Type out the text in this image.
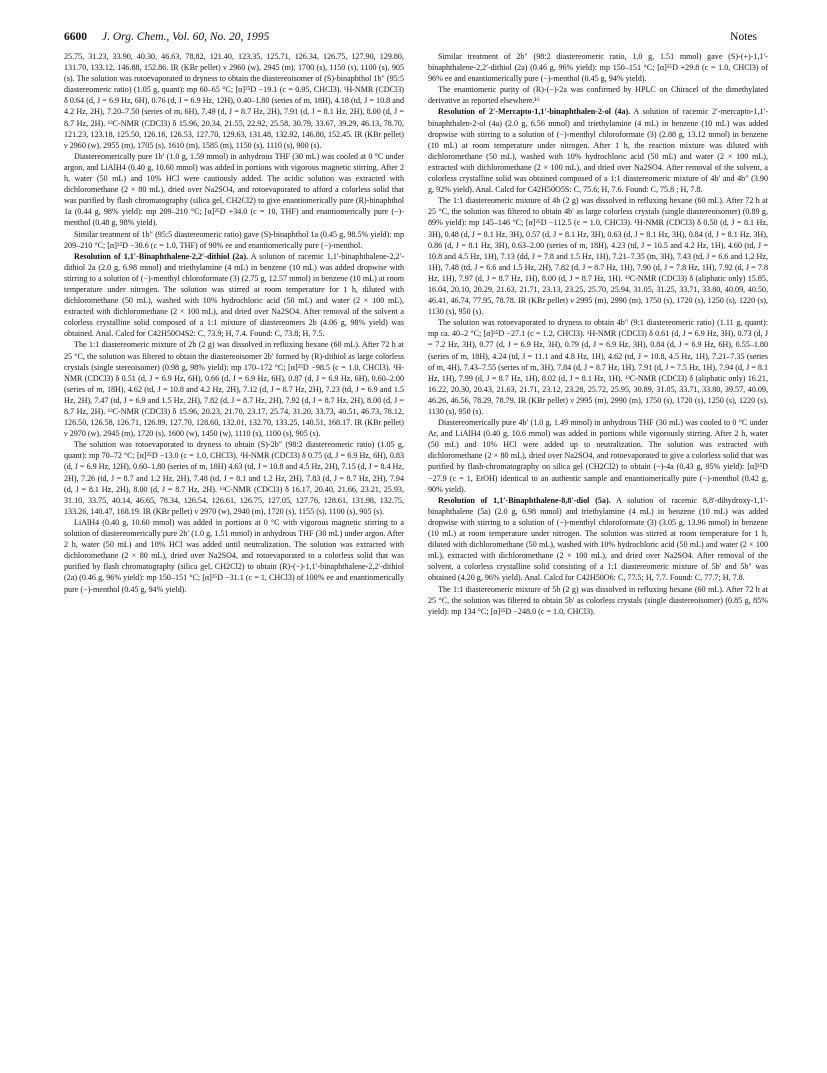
6600 J. Org. Chem., Vol. 60, No. 20, 1995	Notes

25.75, 31.23, 33.90, 40.30, 46.63, 78.82, 121.40, 123.35, 125.71, 126.34, 126.75, 127.90, 129.80, 131.70, 133.12, 146.88, 152.86. IR (KBr pellet) ν 2960 (w), 2945 (m), 1700 (s), 1150 (s), 1100 (s), 905 (s). The solution was rotoevaporated to dryness to obtain the diastereoisomer of (S)-binaphthol 1b″ (95:5 diastereomeric ratio) (1.05 g, quant): mp 60–65 °C; [α]²⁵D −19.1 (c = 0.95, CHCl3). ¹H-NMR (CDCl3) δ 0.64 (d, J = 6.9 Hz, 6H), 0.76 (d, J = 6.9 Hz, 12H), 0.40–1.80 (series of m, 18H), 4.18 (td, J = 10.8 and 4.2 Hz, 2H), 7.20–7.50 (series of m, 6H), 7.49 (d, J = 8.7 Hz, 2H), 7.91 (d, J = 8.1 Hz, 2H), 8.00 (d, J = 8.7 Hz, 2H). ¹³C-NMR (CDCl3) δ 15.96, 20.34, 21.55, 22.92, 25.58, 30.79, 33.67, 39.29, 46.13, 78.70, 121.23, 123.18, 125.50, 126.16, 126.53, 127.70, 129.63, 131.48, 132.92, 146.80, 152.45. IR (KBr pellet) ν 2960 (w), 2955 (m), 1705 (s), 1610 (m), 1585 (m), 1150 (s), 1110 (s), 900 (s).

Diastereomerically pure 1b′ (1.0 g, 1.59 mmol) in anhydrous THF (30 mL) was cooled at 0 °C under argon, and LiAlH4 (0.40 g, 10.60 mmol) was added in portions with vigorous magnetic stirring. After 2 h, water (50 mL) and 10% HCl were cautiously added. The acidic solution was extracted with dichloromethane (2 × 80 mL), dried over Na2SO4, and rotoevaporated to afford a colorless solid that was purified by flash chromatography (silica gel, CH2Cl2) to give enantiomerically pure (R)-binaphthol 1a (0.44 g, 98% yield): mp 209–210 °C; [α]²⁵D +34.0 (c = 10, THF) and enantiomerically pure (−)-menthol (0.48 g, 98% yield).

Similar treatment of 1b″ (95:5 diastereomeric ratio) gave (S)-binaphthol 1a (0.45 g, 98.5% yield): mp 209–210 °C; [α]²⁵D −30.6 (c = 1.0, THF) of 90% ee and enantiomerically pure (−)-menthol.

Resolution of 1,1′-Binaphthalene-2,2′-dithiol (2a). A solution of racemic 1,1′-binaphthalene-2,2′-dithiol 2a (2.0 g, 6.98 mmol) and triethylamine (4 mL) in benzene (10 mL) was added dropwise with stirring to a solution of (−)-menthyl chloroformate (3) (2.75 g, 12.57 mmol) in benzene (10 mL) at room temperature under nitrogen. The solution was stirred at room temperature for 1 h, diluted with dichloromethane (50 mL), washed with 10% hydrochloric acid (50 mL) and water (2 × 100 mL), extracted with dichloromethane (2 × 100 mL), and dried over Na2SO4. After removal of the solvent a colorless crystalline solid composed of a 1:1 mixture of diastereomers 2b (4.06 g, 98% yield) was obtained. Anal. Calcd for C42H50O4S2: C, 73.9; H, 7.4. Found: C, 73.8; H, 7.5.

The 1:1 diastereomeric mixture of 2b (2 g) was dissolved in refluxing hexane (60 mL). After 72 h at 25 °C, the solution was filtered to obtain the diastereoisomer 2b′ formed by (R)-dithiol as large colorless crystals (single stereoisomer) (0.98 g, 98% yield): mp 170–172 °C; [α]²⁵D −98.5 (c = 1.0, CHCl3). ¹H-NMR (CDCl3) δ 0.51 (d, J = 6.9 Hz, 6H), 0.66 (d, J = 6.9 Hz, 6H), 0.87 (d, J = 6.9 Hz, 6H), 0.60–2.00 (series of m, 18H), 4.62 (td, J = 10.8 and 4.2 Hz, 2H), 7.12 (d, J = 8.7 Hz, 2H), 7.23 (td, J = 6.9 and 1.5 Hz, 2H), 7.47 (td, J = 6.9 and 1.5 Hz, 2H), 7.82 (d, J = 8.7 Hz, 2H), 7.92 (d, J = 8.7 Hz, 2H), 8.00 (d, J = 8.7 Hz, 2H). ¹³C-NMR (CDCl3) δ 15.96, 20.23, 21.70, 23.17, 25.74, 31.20, 33.73, 40.51, 46.73, 78.12, 126.50, 126.58, 126.71, 126.89, 127.70, 128.60, 132.01, 132.70, 133.25, 140.51, 168.17. IR (KBr pellet) ν 2970 (w), 2945 (m), 1720 (s), 1600 (w), 1450 (w), 1110 (s), 1100 (s), 905 (s).

The solution was rotoevaporated to dryness to obtain (S)-2b″ (98:2 diastereomeric ratio) (1.05 g, quant): mp 70–72 °C; [α]²⁵D −13.0 (c = 1.0, CHCl3). ¹H-NMR (CDCl3) δ 0.75 (d, J = 6.9 Hz, 6H), 0.83 (d, J = 6.9 Hz, 12H), 0.60–1.80 (series of m, 18H) 4.63 (td, J = 10.8 and 4.5 Hz, 2H), 7.15 (d, J = 8.4 Hz, 2H), 7.26 (td, J = 8.7 and 1.2 Hz, 2H), 7.48 (td, J = 8.1 and 1.2 Hz, 2H), 7.83 (d, J = 8.7 Hz, 2H), 7.94 (d, J = 8.1 Hz, 2H), 8.00 (d, J = 8.7 Hz, 2H). ¹³C-NMR (CDCl3) δ 16.17, 20.40, 21.66, 23.21, 25.93, 31.10, 33.75, 40.14, 46.65, 78.34, 126.54, 126.61, 126.75, 127.05, 127.76, 128.61, 131.98, 132.75, 133.26, 140.47, 168.19. IR (KBr pellet) ν 2970 (w), 2940 (m), 1720 (s), 1155 (s), 1100 (s), 905 (s).

LiAlH4 (0.40 g, 10.60 mmol) was added in portions at 0 °C with vigorous magnetic stirring to a solution of diastereomerically pure 2b′ (1.0 g, 1.51 mmol) in anhydrous THF (30 mL) under argon. After 2 h, water (50 mL) and 10% HCl was added until neutralization. The solution was extracted with dichloromethane (2 × 80 mL), dried over Na2SO4, and rotoevaporated to a colorless solid that was purified by flash chromatography (silica gel, CH2Cl2) to obtain (R)-(−)-1,1′-binaphthalene-2,2′-dithiol (2a) (0.46 g, 96% yield): mp 150–151 °C; [α]²⁵D −31.1 (c = 1, CHCl3) of 100% ee and enantiomerically pure (−)-menthol (0.45 g, 94% yield).

Similar treatment of 2b″ (98:2 diastereomeric ratio, 1.0 g, 1.51 mmol) gave (S)-(+)-1,1′-binaphthalene-2,2′-dithiol (2a) (0.46 g, 96% yield): mp 150–151 °C; [α]²⁵D +29.8 (c = 1.0, CHCl3) of 96% ee and enantiomerically pure (−)-menthol (0.45 g, 94% yield).

The enantiomeric purity of (R)-(−)-2a was confirmed by HPLC on Chiracel of the dimethylated derivative as reported elsewhere.¹⁶

Resolution of 2′-Mercapto-1,1′-binaphthalen-2-ol (4a). A solution of racemic 2′-mercapto-1,1′-binaphthalen-2-ol (4a) (2.0 g, 6.56 mmol) and triethylamine (4 mL) in benzene (10 mL) was added dropwise with stirring to a solution of (−)-menthyl chloroformate (3) (2.88 g, 13.12 mmol) in benzene (10 mL) at room temperature under nitrogen. After 1 h, the reaction mixture was diluted with dichloromethane (50 mL), washed with 10% hydrochloric acid (50 mL) and water (2 × 100 mL), extracted with dichloromethane (2 × 100 mL), and dried over Na2SO4. After removal of the solvent, a colorless crystalline solid was obtained composed of a 1:1 diastereomeric mixture of 4b′ and 4b″ (3.90 g, 92% yield). Anal. Calcd for C42H50O5S: C, 75.6; H, 7.6. Found: C, 75.8 ; H, 7.8.

The 1:1 diastereomeric mixture of 4b (2 g) was dissolved in refluxing hexane (60 mL). After 72 h at 25 °C, the solution was filtered to obtain 4b′ as large colorless crystals (single diastereoisomer) (0.89 g, 89% yield): mp 145–146 °C; [α]²⁵D −112.5 (c = 1.0, CHCl3). ¹H-NMR (CDCl3) δ 0.50 (d, J = 8.1 Hz, 3H), 0.48 (d, J = 8.1 Hz, 3H), 0.57 (d, J = 8.1 Hz, 3H), 0.63 (d, J = 8.1 Hz, 3H), 0.84 (d, J = 8.1 Hz, 3H), 0.86 (d, J = 8.1 Hz, 3H), 0.63–2.00 (series of m, 18H), 4.23 (td, J = 10.5 and 4.2 Hz, 1H), 4.60 (td, J = 10.8 and 4.5 Hz, 1H), 7.13 (dd, J = 7.8 and 1.5 Hz, 1H), 7.21–7.35 (m, 3H), 7.43 (td, J = 6.6 and 1.2 Hz, 1H), 7.48 (td, J = 6.6 and 1.5 Hz, 2H), 7.82 (d, J = 8.7 Hz, 1H), 7.90 (d, J = 7.8 Hz, 1H), 7.92 (d, J = 7.8 Hz, 1H), 7.97 (d, J = 8.7 Hz, 1H), 8.00 (d, J = 8.7 Hz, 1H). ¹³C-NMR (CDCl3) δ (aliphatic only) 15.85, 16.04, 20.10, 20.29, 21.63, 21.71, 23.13, 23.25, 25.70, 25.94, 31.05, 31.25, 33.71, 33.80, 40.09, 40.50, 46.41, 46.74, 77.95, 78.78. IR (KBr pellet) ν 2995 (m), 2990 (m), 1750 (s), 1720 (s), 1250 (s), 1220 (s), 1130 (s), 950 (s).

The solution was rotoevaporated to dryness to obtain 4b″ (9:1 diastereomeric ratio) (1.11 g, quant): mp ca. 40–2 °C; [α]²⁵D −27.1 (c = 1.2, CHCl3). ¹H-NMR (CDCl3) δ 0.61 (d, J = 6.9 Hz, 3H), 0.73 (d, J = 7.2 Hz, 3H), 0.77 (d, J = 6.9 Hz, 3H), 0.79 (d, J = 6.9 Hz, 3H), 0.84 (d, J = 6.9 Hz, 6H), 0.55–1.80 (series of m, 18H), 4.24 (td, J = 11.1 and 4.8 Hz, 1H), 4.62 (td, J = 10.8, 4.5 Hz, 1H), 7.21–7.35 (series of m, 4H), 7.43–7.55 (series of m, 3H), 7.84 (d, J = 8.7 Hz, 1H), 7.91 (d, J = 7.5 Hz, 1H), 7.94 (d, J = 8.1 Hz, 1H), 7.99 (d, J = 8.7 Hz, 1H), 8.02 (d, J = 8.1 Hz, 1H). ¹³C-NMR (CDCl3) δ (aliphatic only) 16.21, 16.22, 20.30, 20.43, 21.63, 21.71, 23.12, 23.28, 25.72, 25.95, 30.89, 31.05, 33.71, 33.80, 39.57, 40.09, 46.26, 46.56, 78.29, 78.79. IR (KBr pellet) ν 2995 (m), 2990 (m), 1750 (s), 1720 (s), 1250 (s), 1220 (s), 1130 (s), 950 (s).

Diastereomerically pure 4b′ (1.0 g, 1.49 mmol) in anhydrous THF (30 mL) was cooled to 0 °C under Ar, and LiAlH4 (0.40 g, 10.6 mmol) was added in portions while vigorously stirring. After 2 h, water (50 mL) and 10% HCl were added up to neutralization. The solution was extracted with dichloromethane (2 × 80 mL), dried over Na2SO4, and rotoevaporated to give a colorless solid that was purified by flash-chromatography on silica gel (CH2Cl2) to obtain (−)-4a (0.43 g, 95% yield): [α]²⁵D −27.9 (c = 1, EtOH) identical to an authentic sample and enantiomerically pure (−)-menthol (0.42 g, 90% yield).

Resolution of 1,1′-Binaphthalene-8,8′-diol (5a). A solution of racemic 8,8′-dihydroxy-1,1′-binaphthalene (5a) (2.0 g, 6.98 mmol) and triethylamine (4 mL) in benzene (10 mL) was added dropwise with stirring to a solution of (−)-menthyl chloroformate (3) (3.05 g, 13.96 mmol) in benzene (10 mL) at room temperature under nitrogen. The solution was stirred at room temperature for 1 h, diluted with dichloromethane (50 mL), washed with 10% hydrochloric acid (50 mL) and water (2 × 100 mL), extracted with dichloromethane (2 × 100 mL), and dried over Na2SO4. After removal of the solvent, a colorless crystalline solid consisting of a 1:1 diastereomeric mixture of 5b′ and 5b″ was obtained (4.20 g, 96% yield). Anal. Calcd for C42H50O6: C, 77.5; H, 7.7. Found: C, 77.7; H, 7.8.

The 1:1 diastereomeric mixture of 5b (2 g) was dissolved in refluxing hexane (60 mL). After 72 h at 25 °C, the solution was filtered to obtain 5b′ as colorless crystals (single diastereoisomer) (0.85 g, 85% yield): mp 134 °C; [α]²⁵D −248.0 (c = 1.0, CHCl3).
